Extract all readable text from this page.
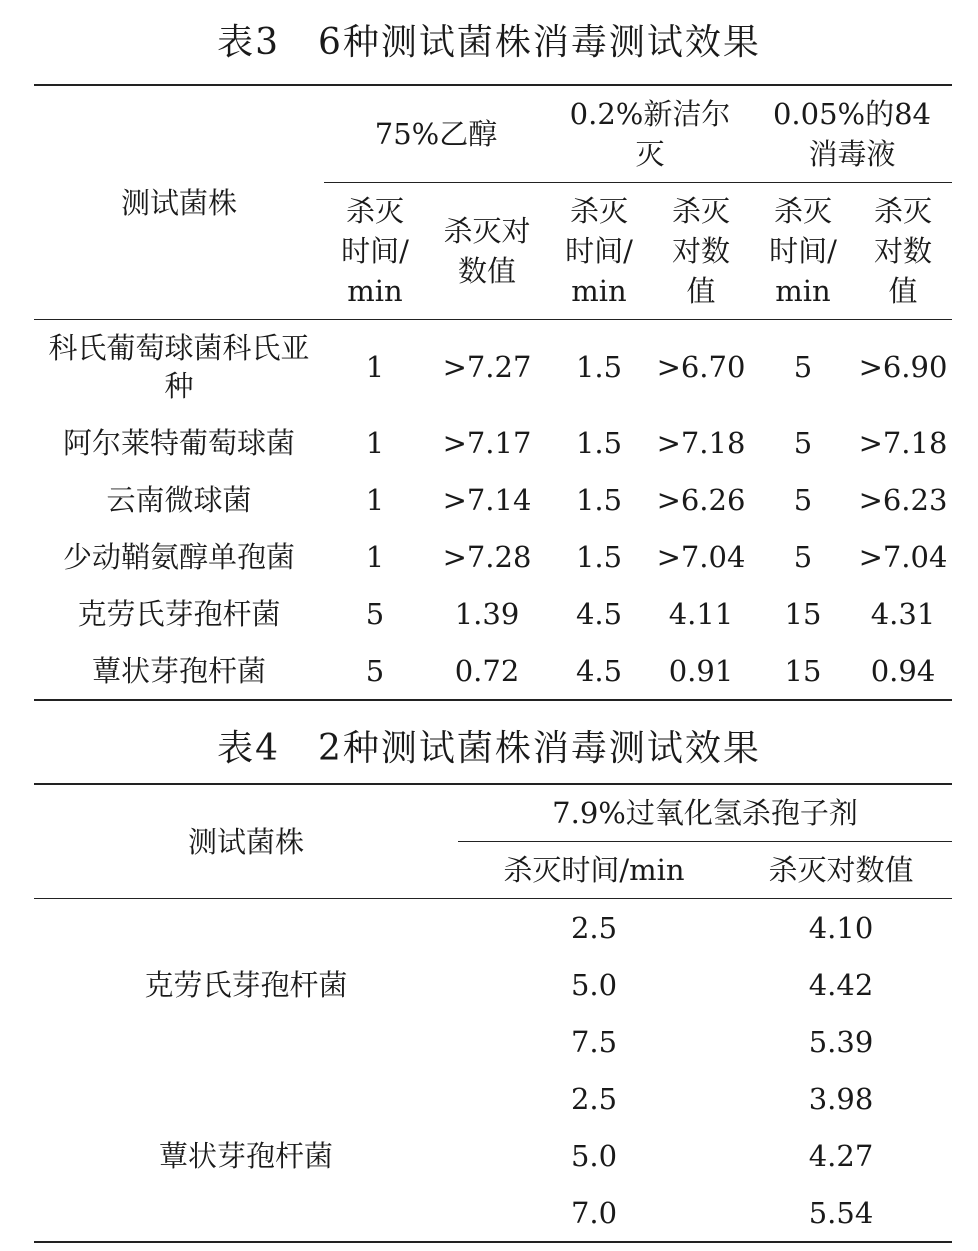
表3　6种测试菌株消毒测试效果
测试菌株	75%乙醇		0.2%新洁尔灭		0.05%的84消毒液	

	杀灭时间/min	杀灭对数值	杀灭时间/min	杀灭对数值	杀灭时间/min	杀灭对数值

科氏葡萄球菌科氏亚种	1	>7.27	1.5	>6.70	5	>6.90
阿尔莱特葡萄球菌	1	>7.17	1.5	>7.18	5	>7.18
云南微球菌	1	>7.14	1.5	>6.26	5	>6.23
少动鞘氨醇单孢菌	1	>7.28	1.5	>7.04	5	>7.04
克劳氏芽孢杆菌	5	1.39	4.5	4.11	15	4.31
蕈状芽孢杆菌	5	0.72	4.5	0.91	15	0.94
表4　2种测试菌株消毒测试效果
测试菌株	7.9%过氧化氢杀孢子剂	
	杀灭时间/min	杀灭对数值
克劳氏芽孢杆菌	2.5	4.10
	5.0	4.42
	7.5	5.39
蕈状芽孢杆菌	2.5	3.98
	5.0	4.27
	7.0	5.54
